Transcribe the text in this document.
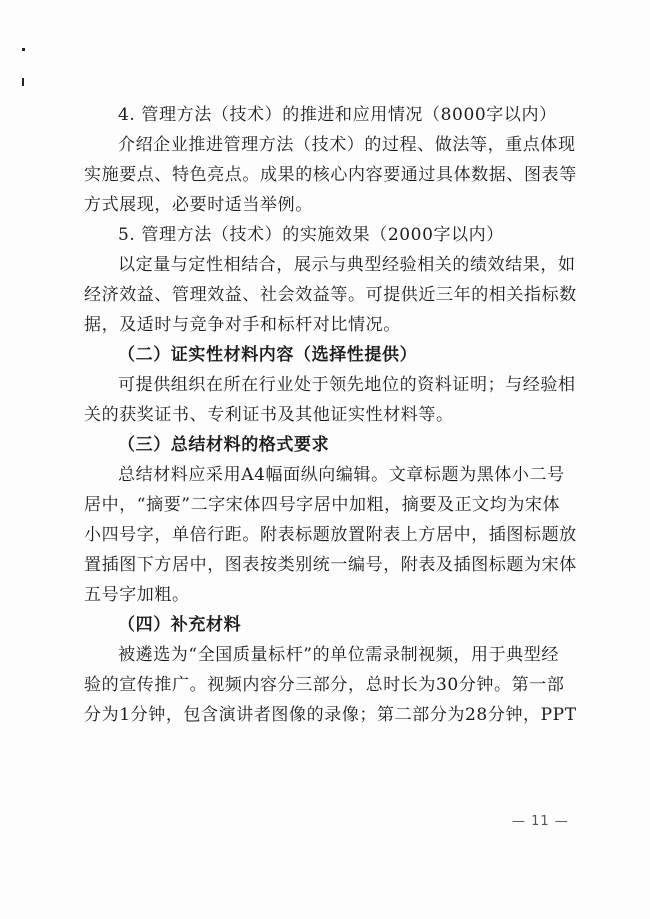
4. 管理方法（技术）的推进和应用情况（8000字以内）
介绍企业推进管理方法（技术）的过程、做法等，重点体现
实施要点、特色亮点。成果的核心内容要通过具体数据、图表等
方式展现，必要时适当举例。
5. 管理方法（技术）的实施效果（2000字以内）
以定量与定性相结合，展示与典型经验相关的绩效结果，如
经济效益、管理效益、社会效益等。可提供近三年的相关指标数
据，及适时与竞争对手和标杆对比情况。
（二）证实性材料内容（选择性提供）
可提供组织在所在行业处于领先地位的资料证明；与经验相
关的获奖证书、专利证书及其他证实性材料等。
（三）总结材料的格式要求
总结材料应采用A4幅面纵向编辑。文章标题为黑体小二号
居中，“摘要”二字宋体四号字居中加粗，摘要及正文均为宋体
小四号字，单倍行距。附表标题放置附表上方居中，插图标题放
置插图下方居中，图表按类别统一编号，附表及插图标题为宋体
五号字加粗。
（四）补充材料
被遴选为“全国质量标杆”的单位需录制视频，用于典型经
验的宣传推广。视频内容分三部分，总时长为30分钟。第一部
分为1分钟，包含演讲者图像的录像；第二部分为28分钟，PPT
— 11 —
